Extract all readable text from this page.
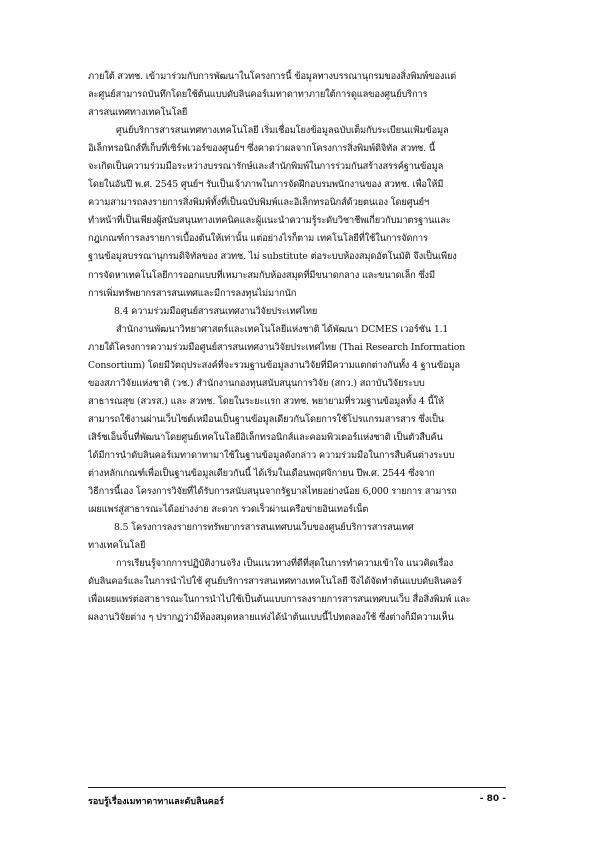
ภายใต้ สวทช. เข้ามาร่วมกับการพัฒนาในโครงการนี้ ข้อมูลทางบรรณานุกรมของสิ่งพิมพ์ของแต่
ละศูนย์สามารถบันทึกโดยใช้ต้นแบบดับลินคอร์เมทาดาทาภายใต้การดูแลของศูนย์บริการ
สารสนเทศทางเทคโนโลยี
ศูนย์บริการสารสนเทศทางเทคโนโลยี เริ่มเชื่อมโยงข้อมูลฉบับเต็มกับระเบียนแฟ้มข้อมูล
อิเล็กทรอนิกส์ที่เก็บที่เซิร์ฟเวอร์ของศูนย์ฯ ซึ่งคาดว่าผลจากโครงการสิ่งพิมพ์ดิจิทัล สวทช. นี้
จะเกิดเป็นความร่วมมือระหว่างบรรณารักษ์และสำนักพิมพ์ในการร่วมกันสร้างสรรค์ฐานข้อมูล
โดยในอันปี พ.ศ. 2545 ศูนย์ฯ รับเป็นเจ้าภาพในการจัดฝึกอบรมพนักงานของ สวทช. เพื่อให้มี
ความสามารถลงรายการสิ่งพิมพ์ทั้งที่เป็นฉบับพิมพ์และอิเล็กทรอนิกส์ด้วยตนเอง โดยศูนย์ฯ
ทำหน้าที่เป็นเพียงผู้สนับสนุนทางเทคนิคและผู้แนะนำความรู้ระดับวิชาชีพเกี่ยวกับมาตรฐานและ
กฎเกณฑ์การลงรายการเบื้องต้นให้เท่านั้น แต่อย่างไรก็ตาม เทคโนโลยีที่ใช้ในการจัดการ
ฐานข้อมูลบรรณานุกรมดิจิทัลของ สวทช. ไม่ substitute ต่อระบบห้องสมุดอัตโนมัติ จึงเป็นเพียง
การจัดหาเทคโนโลยีการออกแบบที่เหมาะสมกับห้องสมุดที่มีขนาดกลาง และขนาดเล็ก ซึ่งมี
การเพิ่มทรัพยากรสารสนเทศและมีการลงทุนไม่มากนัก
8.4 ความร่วมมือศูนย์สารสนเทศงานวิจัยประเทศไทย
สำนักงานพัฒนาวิทยาศาสตร์และเทคโนโลยีแห่งชาติ ได้พัฒนา DCMES เวอร์ชัน 1.1
ภายใต้โครงการความร่วมมือศูนย์สารสนเทศงานวิจัยประเทศไทย (Thai Research Information
Consortium) โดยมีวัตถุประสงค์ที่จะรวมฐานข้อมูลงานวิจัยที่มีความแตกต่างกันทั้ง 4 ฐานข้อมูล
ของสภาวิจัยแห่งชาติ (วช.) สำนักงานกองทุนสนับสนุนการวิจัย (สกว.) สถาบันวิจัยระบบ
สาธารณสุข (สวรส.) และ สวทช. โดยในระยะแรก สวทช. พยายามที่รวมฐานข้อมูลทั้ง 4 นี้ให้
สามารถใช้งานผ่านเว็บไซต์เหมือนเป็นฐานข้อมูลเดียวกันโดยการใช้โปรแกรมสารสาร ซึ่งเป็น
เสิร์ชเอ็นจิ้นที่พัฒนาโดยศูนย์เทคโนโลยีอิเล็กทรอนิกส์และคอมพิวเตอร์แห่งชาติ เป็นตัวสืบค้น
ได้มีการนำดับลินคอร์เมทาดาทามาใช้ในฐานข้อมูลดังกล่าว ความร่วมมือในการสืบค้นต่างระบบ
ต่างหลักเกณฑ์เพื่อเป็นฐานข้อมูลเดียวกันนี้ ได้เริ่มในเดือนพฤศจิกายน ปีพ.ศ. 2544 ซึ่งจาก
วิธีการนี้เอง โครงการวิจัยที่ได้รับการสนับสนุนจากรัฐบาลไทยอย่างน้อย 6,000 รายการ สามารถ
เผยแพร่สู่สาธารณะได้อย่างง่าย สะดวก รวดเร็วผ่านเครือข่ายอินเทอร์เน็ต
8.5 โครงการลงรายการทรัพยากรสารสนเทศบนเว็บของศูนย์บริการสารสนเทศ
ทางเทคโนโลยี
การเรียนรู้จากการปฏิบัติงานจริง เป็นแนวทางที่ดีที่สุดในการทำความเข้าใจ แนวคิดเรื่อง
ดับลินคอร์และในการนำไปใช้ ศูนย์บริการสารสนเทศทางเทคโนโลยี จึงได้จัดทำต้นแบบดับลินคอร์
เพื่อเผยแพร่ต่อสาธารณะในการนำไปใช้เป็นต้นแบบการลงรายการสารสนเทศบนเว็บ สื่อสิ่งพิมพ์ และ
ผลงานวิจัยต่าง ๆ ปรากฏว่ามีห้องสมุดหลายแห่งได้นำต้นแบบนี้ไปทดลองใช้ ซึ่งต่างก็มีความเห็น
รอบรู้เรื่องเมทาดาทาและดับลินคอร์	- 80 -
